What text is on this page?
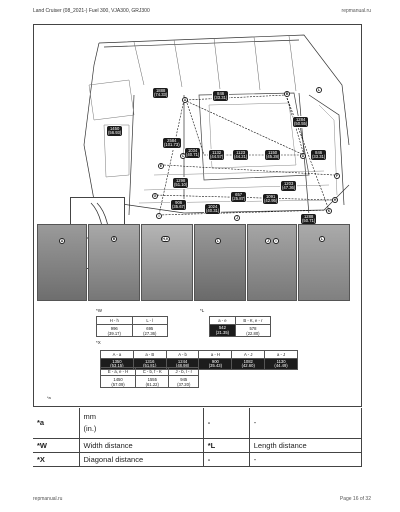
Land Cruiser (08_2021-) Fuel 300, VJA300, GRJ300	repmanual.ru
1888
(74.33)	846
(33.31)
1450
(56.93)
2584
(101.73)
1034
(40.71)
1132
(44.57)
1123
(44.21)
1150
(45.28)
1284
(50.55)
1298
(51.10)
657
(25.87)
906
(35.67)
1203
(47.36)
1091
(42.95)
846
(33.31)
1024
(40.31)
1288
(50.71)
A
B
C	D
E
F
G
H
I	J
K
L
A	B	H,K	L	J	I	L
*W
H - h	L - l
996
(39.17)	695
(27.36)
*L
a - e	B - K, e - r

542
(21.35)	578
(22.80)
*X
A - a	a - B	A - b	a - H	A - J	a - J

1350
(53.15)	1316
(51.81)	1244
(48.98)	900
(35.43)	1082
(42.60)	1130
(44.49)
E - a, e - H	C - b, f - K	J - b, l - r
1450
(57.09)	1555
(61.22)	945
(37.20)
*a
*a	mm
(in.)	-	-
*W	Width distance	*L	Length distance
*X	Diagonal distance	-	-
repmanual.ru	Page 16 of 32
